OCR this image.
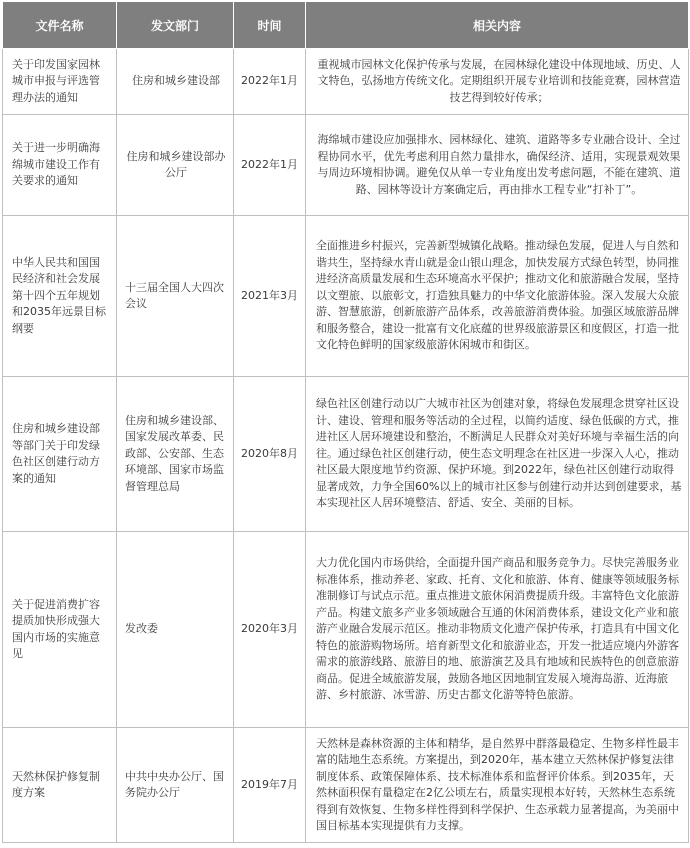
文件名称	发文部门	时间	相关内容
关于印发国家园林城市申报与评选管理办法的通知	住房和城乡建设部	2022年1月	重视城市园林文化保护传承与发展，在园林绿化建设中体现地域、历史、人文特色，弘扬地方传统文化。定期组织开展专业培训和技能竞赛，园林营造技艺得到较好传承；
关于进一步明确海绵城市建设工作有关要求的通知	住房和城乡建设部办公厅	2022年1月	海绵城市建设应加强排水、园林绿化、建筑、道路等多专业融合设计、全过程协同水平，优先考虑利用自然力量排水，确保经济、适用，实现景观效果与周边环境相协调。避免仅从单一专业角度出发考虑问题，不能在建筑、道路、园林等设计方案确定后，再由排水工程专业“打补丁”。
中华人民共和国国民经济和社会发展第十四个五年规划和2035年远景目标纲要	十三届全国人大四次会议	2021年3月	全面推进乡村振兴，完善新型城镇化战略。推动绿色发展，促进人与自然和谐共生，坚持绿水青山就是金山银山理念，加快发展方式绿色转型，协同推进经济高质量发展和生态环境高水平保护；推动文化和旅游融合发展，坚持以文塑旅、以旅彰文，打造独具魅力的中华文化旅游体验。深入发展大众旅游、智慧旅游，创新旅游产品体系，改善旅游消费体验。加强区域旅游品牌和服务整合，建设一批富有文化底蕴的世界级旅游景区和度假区，打造一批文化特色鲜明的国家级旅游休闲城市和街区。
住房和城乡建设部等部门关于印发绿色社区创建行动方案的通知	住房和城乡建设部、国家发展改革委、民政部、公安部、生态环境部、国家市场监督管理总局	2020年8月	绿色社区创建行动以广大城市社区为创建对象，将绿色发展理念贯穿社区设计、建设、管理和服务等活动的全过程，以简约适度、绿色低碳的方式，推进社区人居环境建设和整治，不断满足人民群众对美好环境与幸福生活的向往。通过绿色社区创建行动，使生态文明理念在社区进一步深入人心，推动社区最大限度地节约资源、保护环境。到2022年，绿色社区创建行动取得显著成效，力争全国60%以上的城市社区参与创建行动并达到创建要求，基本实现社区人居环境整洁、舒适、安全、美丽的目标。
关于促进消费扩容提质加快形成强大国内市场的实施意见	发改委	2020年3月	大力优化国内市场供给，全面提升国产商品和服务竞争力。尽快完善服务业标准体系，推动养老、家政、托育、文化和旅游、体育、健康等领域服务标准制修订与试点示范。重点推进文旅休闲消费提质升级。丰富特色文化旅游产品。构建文旅多产业多领域融合互通的休闲消费体系，建设文化产业和旅游产业融合发展示范区。推动非物质文化遗产保护传承，打造具有中国文化特色的旅游购物场所。培育新型文化和旅游业态，开发一批适应境内外游客需求的旅游线路、旅游目的地、旅游演艺及具有地域和民族特色的创意旅游商品。促进全域旅游发展，鼓励各地区因地制宜发展入境海岛游、近海旅游、乡村旅游、冰雪游、历史古都文化游等特色旅游。
天然林保护修复制度方案	中共中央办公厅、国务院办公厅	2019年7月	天然林是森林资源的主体和精华，是自然界中群落最稳定、生物多样性最丰富的陆地生态系统。方案提出，到2020年，基本建立天然林保护修复法律制度体系、政策保障体系、技术标准体系和监督评价体系。到2035年，天然林面积保有量稳定在2亿公顷左右，质量实现根本好转，天然林生态系统得到有效恢复、生物多样性得到科学保护、生态承载力显著提高，为美丽中国目标基本实现提供有力支撑。
